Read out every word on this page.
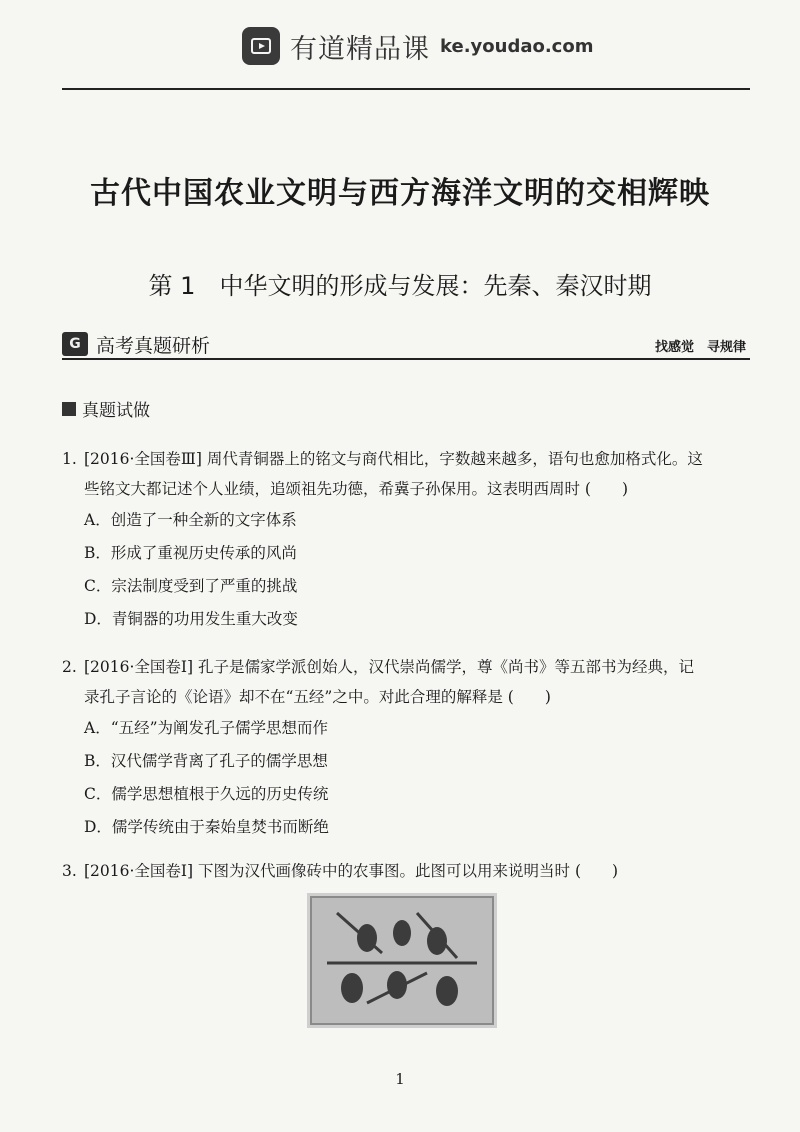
有道精品课 ke.youdao.com
古代中国农业文明与西方海洋文明的交相辉映
第 1　中华文明的形成与发展：先秦、秦汉时期
G 高考真题研析	找感觉　寻规律
真题试做
1. [2016·全国卷Ⅲ] 周代青铜器上的铭文与商代相比，字数越来越多，语句也愈加格式化。这
些铭文大都记述个人业绩，追颂祖先功德，希冀子孙保用。这表明西周时 (　　)
A．创造了一种全新的文字体系
B．形成了重视历史传承的风尚
C．宗法制度受到了严重的挑战
D．青铜器的功用发生重大改变
2. [2016·全国卷Ⅰ] 孔子是儒家学派创始人，汉代崇尚儒学，尊《尚书》等五部书为经典，记
录孔子言论的《论语》却不在“五经”之中。对此合理的解释是 (　　)
A．“五经”为阐发孔子儒学思想而作
B．汉代儒学背离了孔子的儒学思想
C．儒学思想植根于久远的历史传统
D．儒学传统由于秦始皇焚书而断绝
3. [2016·全国卷Ⅰ] 下图为汉代画像砖中的农事图。此图可以用来说明当时 (　　)
1
